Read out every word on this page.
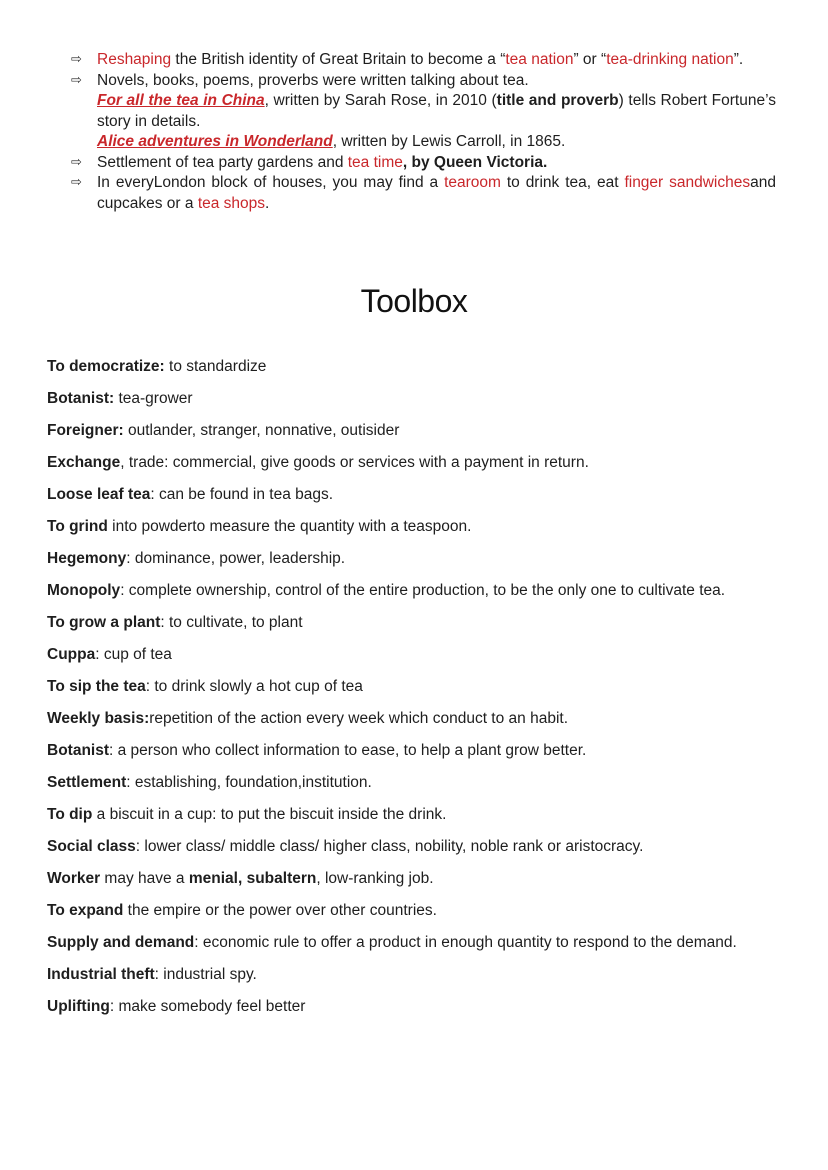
⇨ Reshaping the British identity of Great Britain to become a “tea nation” or “tea-drinking nation”.
⇨ Novels, books, poems, proverbs were written talking about tea.
For all the tea in China, written by Sarah Rose, in 2010 (title and proverb) tells Robert Fortune’s story in details.
Alice adventures in Wonderland, written by Lewis Carroll, in 1865.
⇨ Settlement of tea party gardens and tea time, by Queen Victoria.
⇨ In everyLondon block of houses, you may find a tearoom to drink tea, eat finger sandwichesand cupcakes or a tea shops.
Toolbox
To democratize: to standardize
Botanist: tea-grower
Foreigner: outlander, stranger, nonnative, outisider
Exchange, trade: commercial, give goods or services with a payment in return.
Loose leaf tea: can be found in tea bags.
To grind into powderto measure the quantity with a teaspoon.
Hegemony: dominance, power, leadership.
Monopoly: complete ownership, control of the entire production, to be the only one to cultivate tea.
To grow a plant: to cultivate, to plant
Cuppa: cup of tea
To sip the tea: to drink slowly a hot cup of tea
Weekly basis:repetition of the action every week which conduct to an habit.
Botanist: a person who collect information to ease, to help a plant grow better.
Settlement: establishing, foundation,institution.
To dip a biscuit in a cup: to put the biscuit inside the drink.
Social class: lower class/ middle class/ higher class, nobility, noble rank or aristocracy.
Worker may have a menial, subaltern, low-ranking job.
To expand the empire or the power over other countries.
Supply and demand: economic rule to offer a product in enough quantity to respond to the demand.
Industrial theft: industrial spy.
Uplifting: make somebody feel better
